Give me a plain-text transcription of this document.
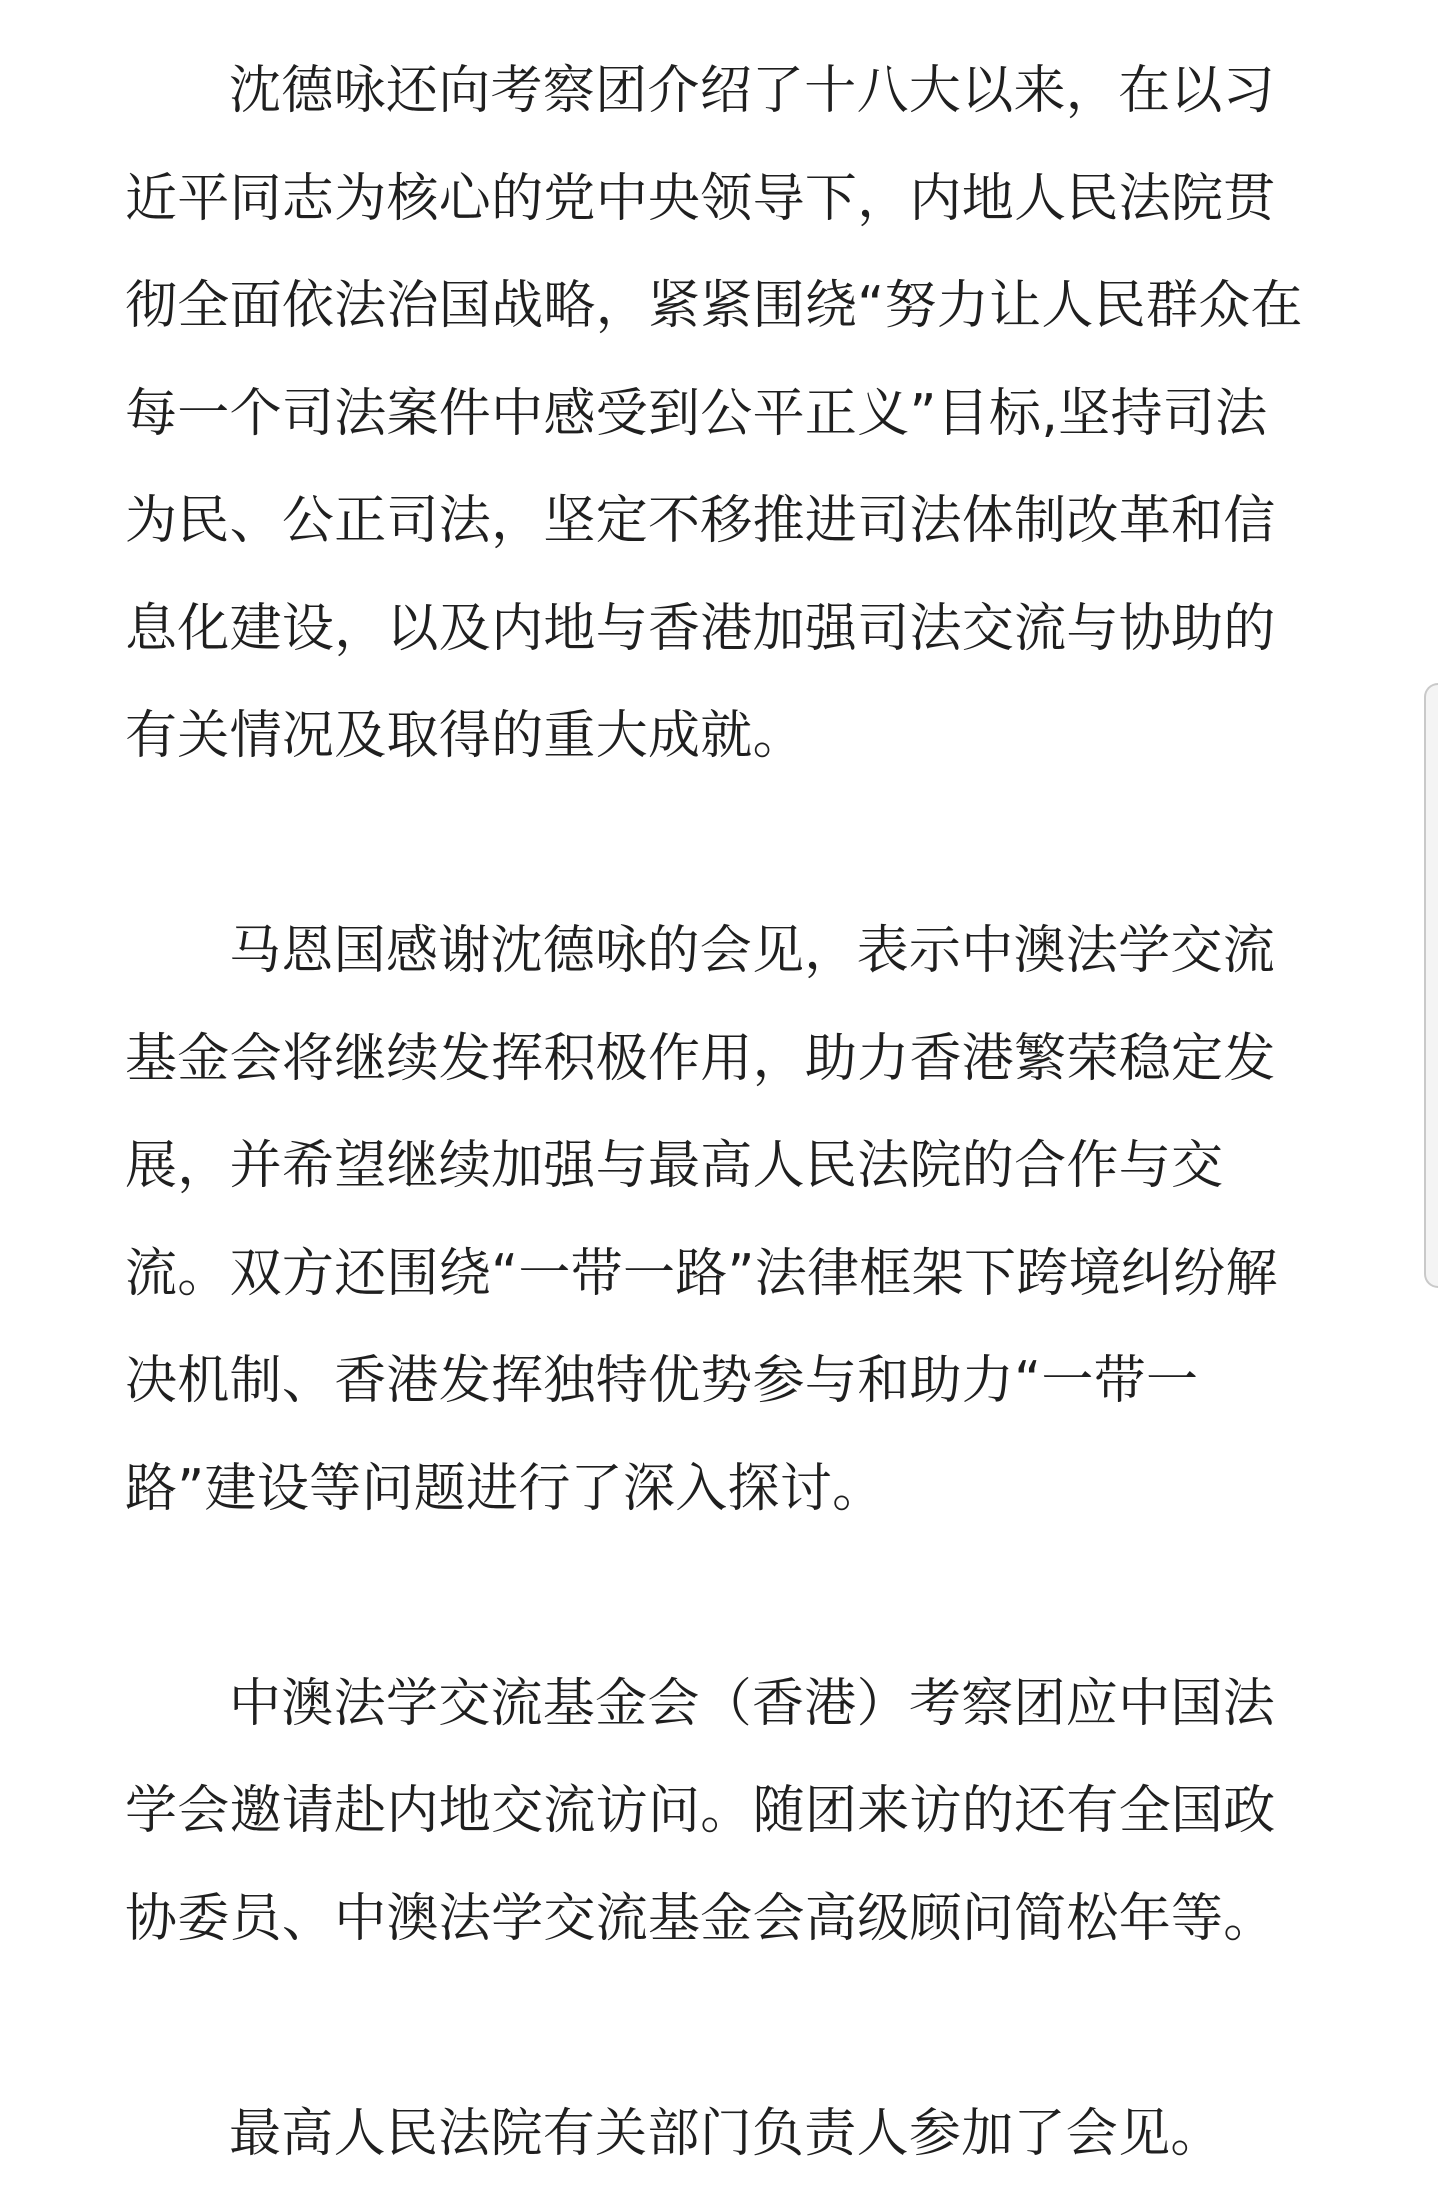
沈德咏还向考察团介绍了十八大以来，在以习近平同志为核心的党中央领导下，内地人民法院贯彻全面依法治国战略，紧紧围绕“努力让人民群众在每一个司法案件中感受到公平正义”目标,坚持司法为民、公正司法，坚定不移推进司法体制改革和信息化建设，以及内地与香港加强司法交流与协助的有关情况及取得的重大成就。

马恩国感谢沈德咏的会见，表示中澳法学交流基金会将继续发挥积极作用，助力香港繁荣稳定发展，并希望继续加强与最高人民法院的合作与交流。双方还围绕“一带一路”法律框架下跨境纠纷解决机制、香港发挥独特优势参与和助力“一带一路”建设等问题进行了深入探讨。

中澳法学交流基金会（香港）考察团应中国法学会邀请赴内地交流访问。随团来访的还有全国政协委员、中澳法学交流基金会高级顾问简松年等。

最高人民法院有关部门负责人参加了会见。
